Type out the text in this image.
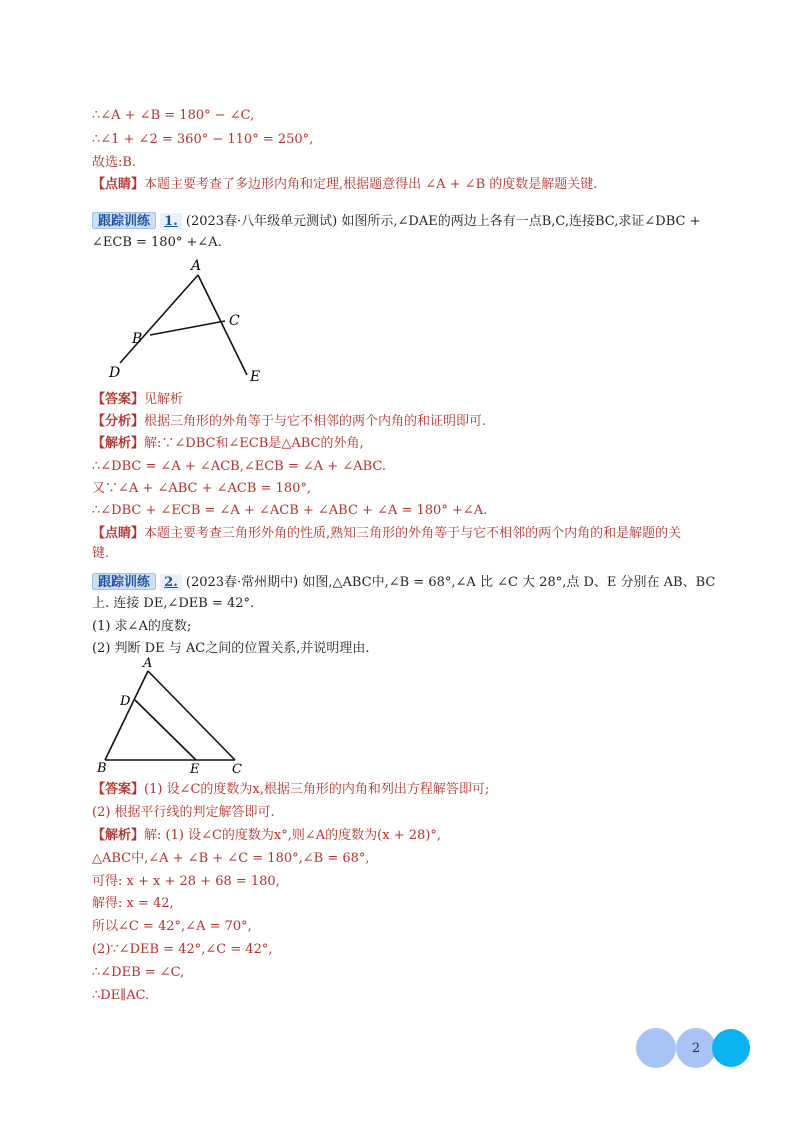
∴∠A + ∠B = 180° − ∠C,
∴∠1 + ∠2 = 360° − 110° = 250°,
故选:B.
【点睛】本题主要考查了多边形内角和定理,根据题意得出 ∠A + ∠B 的度数是解题关键.
跟踪训练 1. (2023春·八年级单元测试) 如图所示,∠DAE的两边上各有一点B,C,连接BC,求证∠DBC +
∠ECB = 180° +∠A.
A
B
C
D	E
【答案】见解析
【分析】根据三角形的外角等于与它不相邻的两个内角的和证明即可.
【解析】解:∵∠DBC和∠ECB是△ABC的外角,
∴∠DBC = ∠A + ∠ACB,∠ECB = ∠A + ∠ABC.
又∵∠A + ∠ABC + ∠ACB = 180°,
∴∠DBC + ∠ECB = ∠A + ∠ACB + ∠ABC + ∠A = 180° +∠A.
【点睛】本题主要考查三角形外角的性质,熟知三角形的外角等于与它不相邻的两个内角的和是解题的关
键.
跟踪训练 2. (2023春·常州期中) 如图,△ABC中,∠B = 68°,∠A 比 ∠C 大 28°,点 D、E 分别在 AB、BC
上. 连接 DE,∠DEB = 42°.
(1) 求∠A的度数;
(2) 判断 DE 与 AC之间的位置关系,并说明理由.
A
D
B	E	C
【答案】(1) 设∠C的度数为x,根据三角形的内角和列出方程解答即可;
(2) 根据平行线的判定解答即可.
【解析】解: (1) 设∠C的度数为x°,则∠A的度数为(x + 28)°,
△ABC中,∠A + ∠B + ∠C = 180°,∠B = 68°,
可得: x + x + 28 + 68 = 180,
解得: x = 42,
所以∠C = 42°,∠A = 70°,
(2)∵∠DEB = 42°,∠C = 42°,
∴∠DEB = ∠C,
∴DE∥AC.
2
